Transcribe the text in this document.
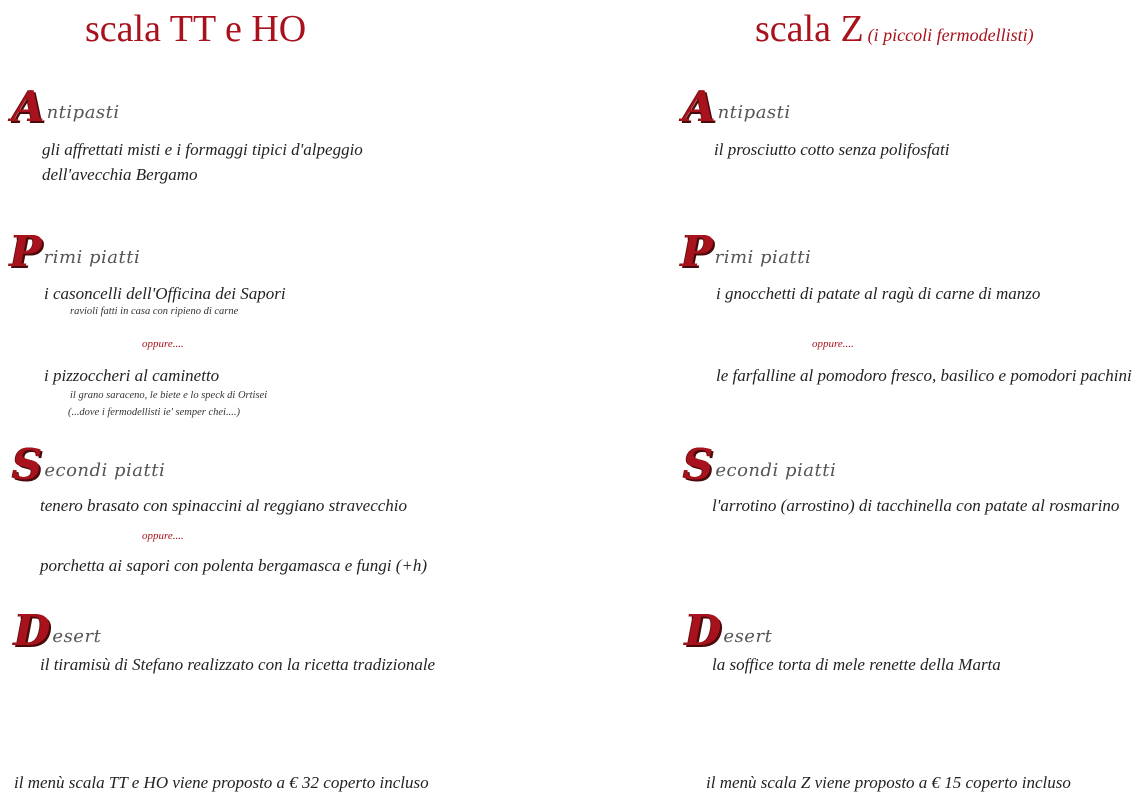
scala TT e HO
A ntipasti
gli affrettati misti e i formaggi tipici d'alpeggio
dell'avecchia Bergamo
P rimi piatti
i casoncelli dell'Officina dei Sapori
ravioli fatti in casa con ripieno di carne
oppure....
i pizzoccheri al caminetto
il grano saraceno, le biete e lo speck di Ortisei
(...dove i fermodellisti ie' semper chei....)
S econdi piatti
tenero brasato con spinaccini al reggiano stravecchio
oppure....
porchetta ai sapori con polenta bergamasca e fungi (+h)
D esert
il tiramisù di Stefano realizzato con la ricetta tradizionale
il menù scala TT e HO viene proposto a € 32 coperto incluso
scala Z (i piccoli fermodellisti)
A ntipasti
il prosciutto cotto senza polifosfati
P rimi piatti
i gnocchetti di patate al ragù di carne di manzo
oppure....
le farfalline al pomodoro fresco, basilico e pomodori pachini
S econdi piatti
l'arrotino (arrostino) di tacchinella con patate al rosmarino
D esert
la soffice torta di mele renette della Marta
il menù scala Z viene proposto a € 15 coperto incluso
